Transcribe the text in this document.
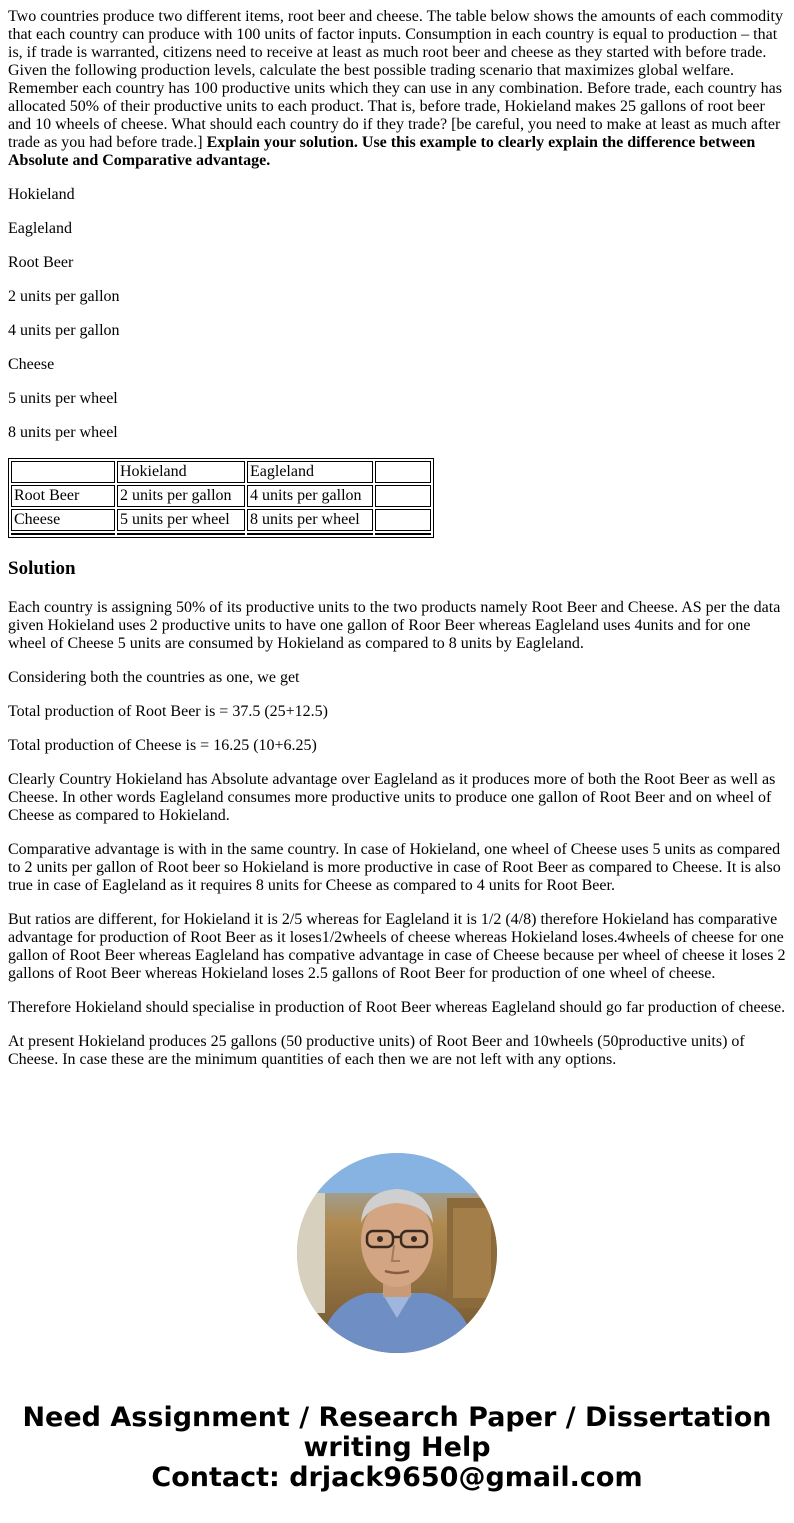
Two countries produce two different items, root beer and cheese. The table below shows the amounts of each commodity that each country can produce with 100 units of factor inputs. Consumption in each country is equal to production – that is, if trade is warranted, citizens need to receive at least as much root beer and cheese as they started with before trade. Given the following production levels, calculate the best possible trading scenario that maximizes global welfare. Remember each country has 100 productive units which they can use in any combination. Before trade, each country has allocated 50% of their productive units to each product. That is, before trade, Hokieland makes 25 gallons of root beer and 10 wheels of cheese. What should each country do if they trade? [be careful, you need to make at least as much after trade as you had before trade.] Explain your solution. Use this example to clearly explain the difference between Absolute and Comparative advantage.

Hokieland

Eagleland

Root Beer

2 units per gallon

4 units per gallon

Cheese

5 units per wheel

8 units per wheel

	Hokieland	Eagleland	
Root Beer	2 units per gallon	4 units per gallon	
Cheese	5 units per wheel	8 units per wheel	

Solution

Each country is assigning 50% of its productive units to the two products namely Root Beer and Cheese. AS per the data given Hokieland uses 2 productive units to have one gallon of Roor Beer whereas Eagleland uses 4units and for one wheel of Cheese 5 units are consumed by Hokieland as compared to 8 units by Eagleland.

Considering both the countries as one, we get

Total production of Root Beer is = 37.5 (25+12.5)

Total production of Cheese is = 16.25 (10+6.25)

Clearly Country Hokieland has Absolute advantage over Eagleland as it produces more of both the Root Beer as well as Cheese. In other words Eagleland consumes more productive units to produce one gallon of Root Beer and on wheel of Cheese as compared to Hokieland.

Comparative advantage is with in the same country. In case of Hokieland, one wheel of Cheese uses 5 units as compared to 2 units per gallon of Root beer so Hokieland is more productive in case of Root Beer as compared to Cheese. It is also true in case of Eagleland as it requires 8 units for Cheese as compared to 4 units for Root Beer.

But ratios are different, for Hokieland it is 2/5 whereas for Eagleland it is 1/2 (4/8) therefore Hokieland has comparative advantage for production of Root Beer as it loses1/2wheels of cheese whereas Hokieland loses.4wheels of cheese for one gallon of Root Beer whereas Eagleland has compative advantage in case of Cheese because per wheel of cheese it loses 2 gallons of Root Beer whereas Hokieland loses 2.5 gallons of Root Beer for production of one wheel of cheese.

Therefore Hokieland should specialise in production of Root Beer whereas Eagleland should go far production of cheese.

At present Hokieland produces 25 gallons (50 productive units) of Root Beer and 10wheels (50productive units) of Cheese. In case these are the minimum quantities of each then we are not left with any options.

Need Assignment / Research Paper / Dissertation
writing Help
Contact: drjack9650@gmail.com
